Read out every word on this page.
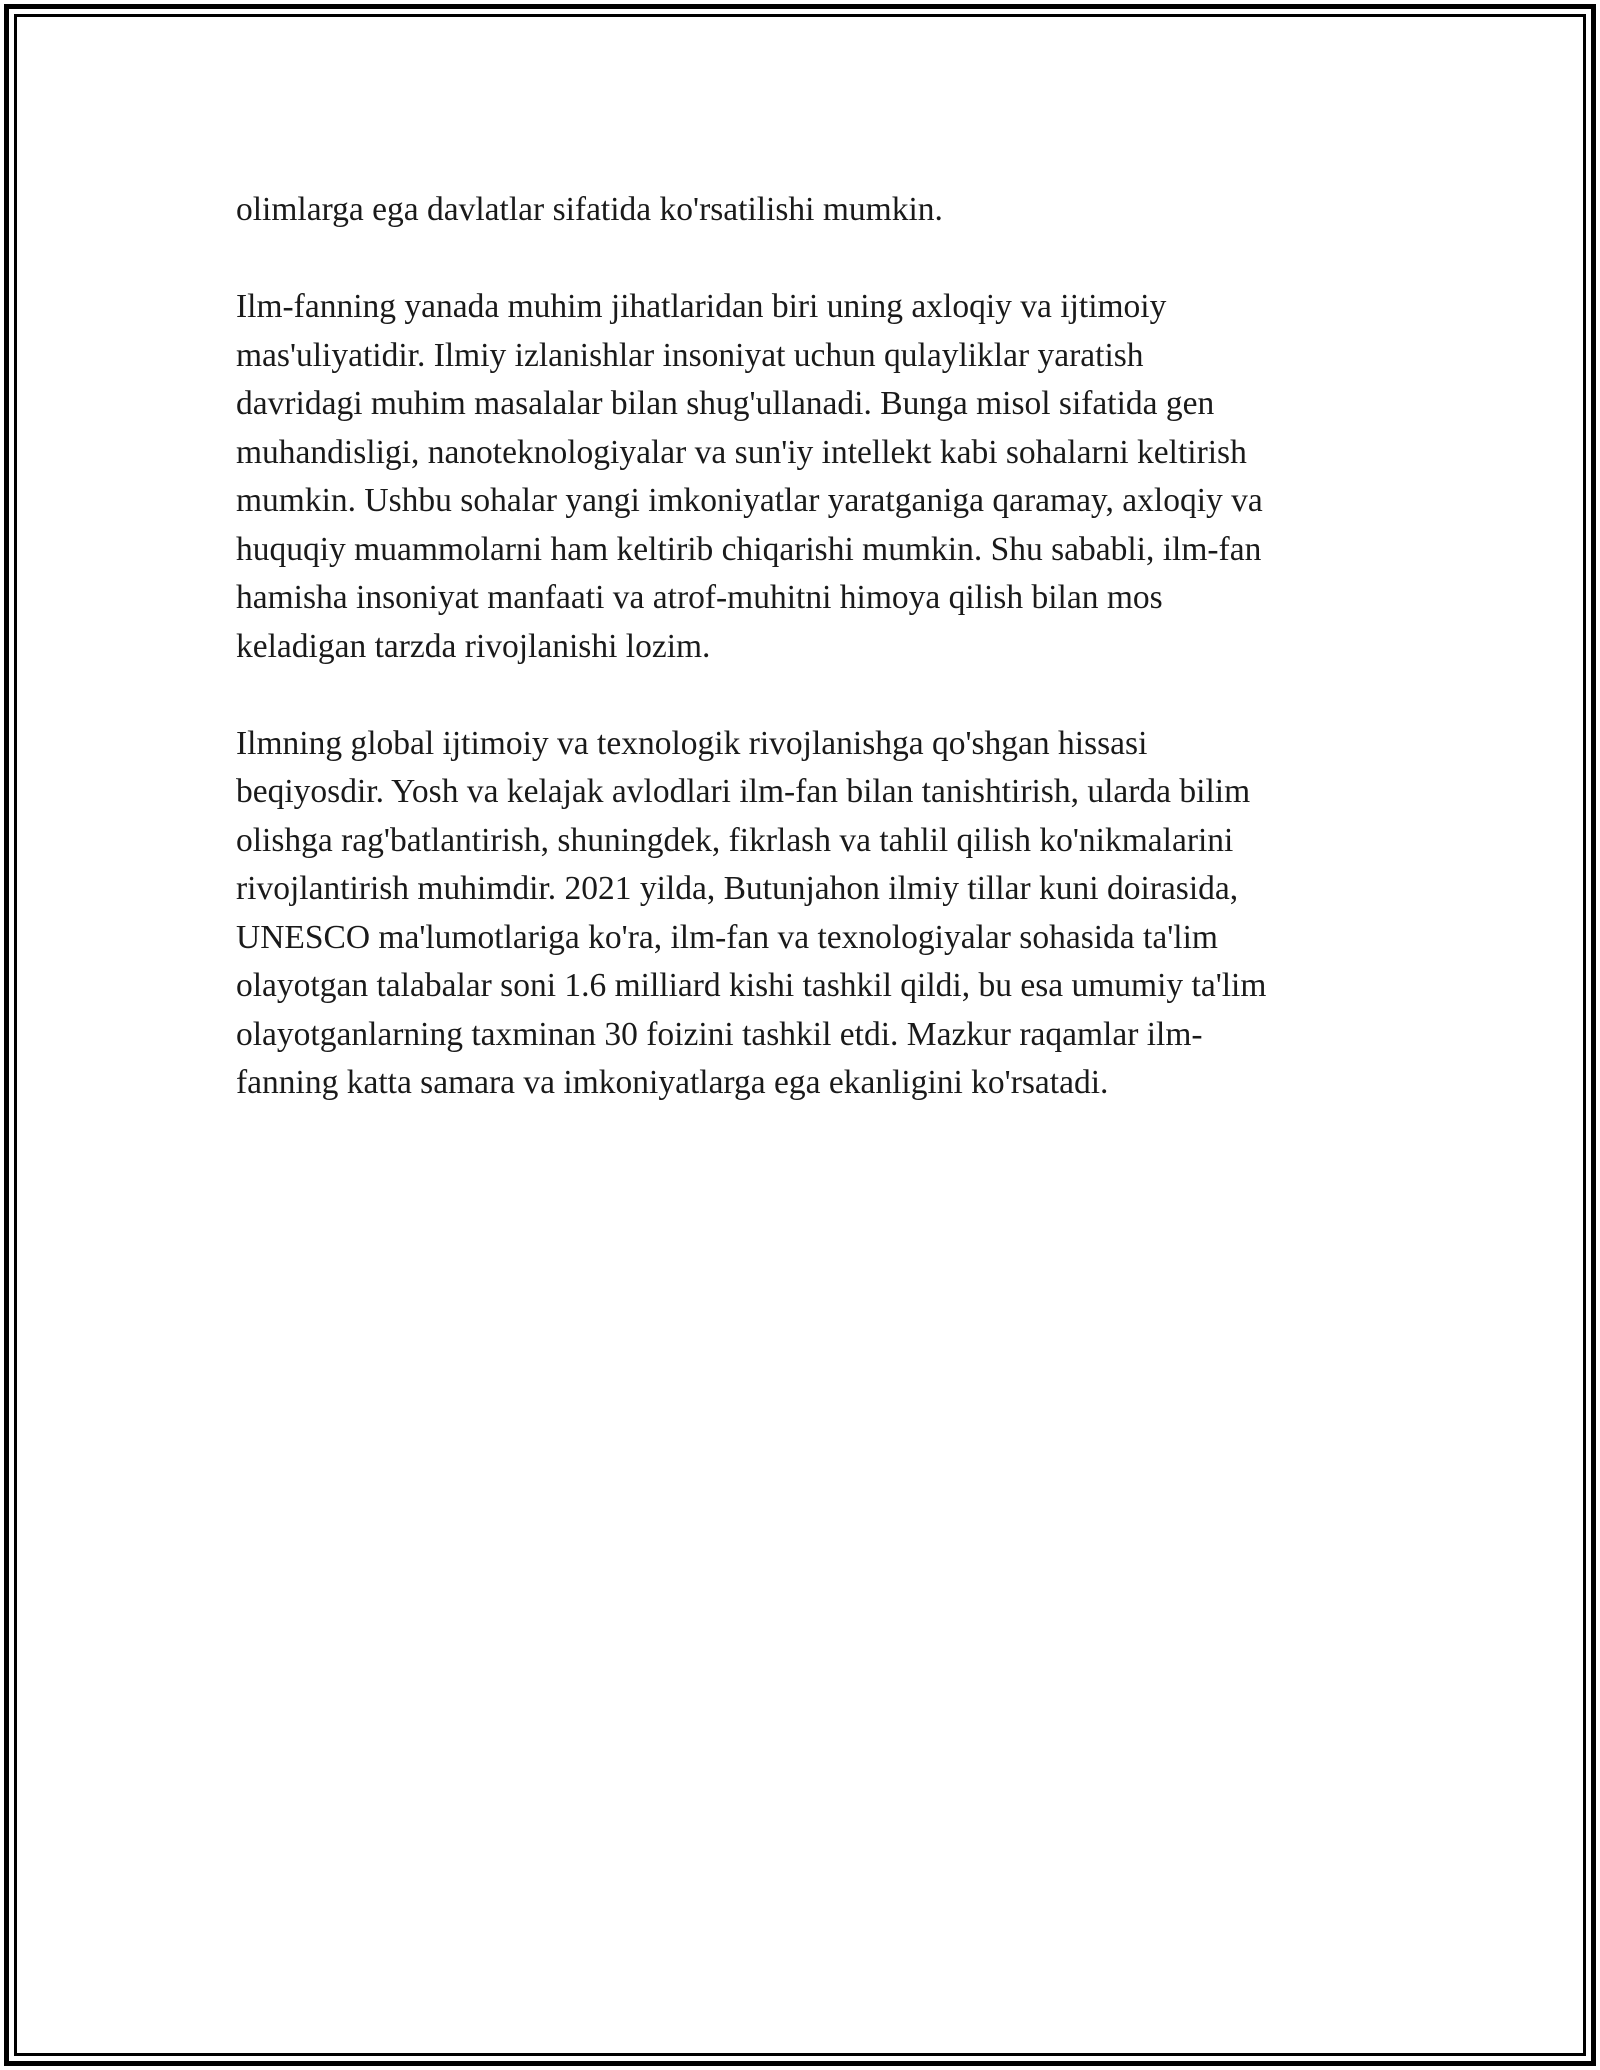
olimlarga ega davlatlar sifatida ko'rsatilishi mumkin.

Ilm-fanning yanada muhim jihatlaridan biri uning axloqiy va ijtimoiy
mas'uliyatidir. Ilmiy izlanishlar insoniyat uchun qulayliklar yaratish
davridagi muhim masalalar bilan shug'ullanadi. Bunga misol sifatida gen
muhandisligi, nanoteknologiyalar va sun'iy intellekt kabi sohalarni keltirish
mumkin. Ushbu sohalar yangi imkoniyatlar yaratganiga qaramay, axloqiy va
huquqiy muammolarni ham keltirib chiqarishi mumkin. Shu sababli, ilm-fan
hamisha insoniyat manfaati va atrof-muhitni himoya qilish bilan mos
keladigan tarzda rivojlanishi lozim.

Ilmning global ijtimoiy va texnologik rivojlanishga qo'shgan hissasi
beqiyosdir. Yosh va kelajak avlodlari ilm-fan bilan tanishtirish, ularda bilim
olishga rag'batlantirish, shuningdek, fikrlash va tahlil qilish ko'nikmalarini
rivojlantirish muhimdir. 2021 yilda, Butunjahon ilmiy tillar kuni doirasida,
UNESCO ma'lumotlariga ko'ra, ilm-fan va texnologiyalar sohasida ta'lim
olayotgan talabalar soni 1.6 milliard kishi tashkil qildi, bu esa umumiy ta'lim
olayotganlarning taxminan 30 foizini tashkil etdi. Mazkur raqamlar ilm-
fanning katta samara va imkoniyatlarga ega ekanligini ko'rsatadi.
